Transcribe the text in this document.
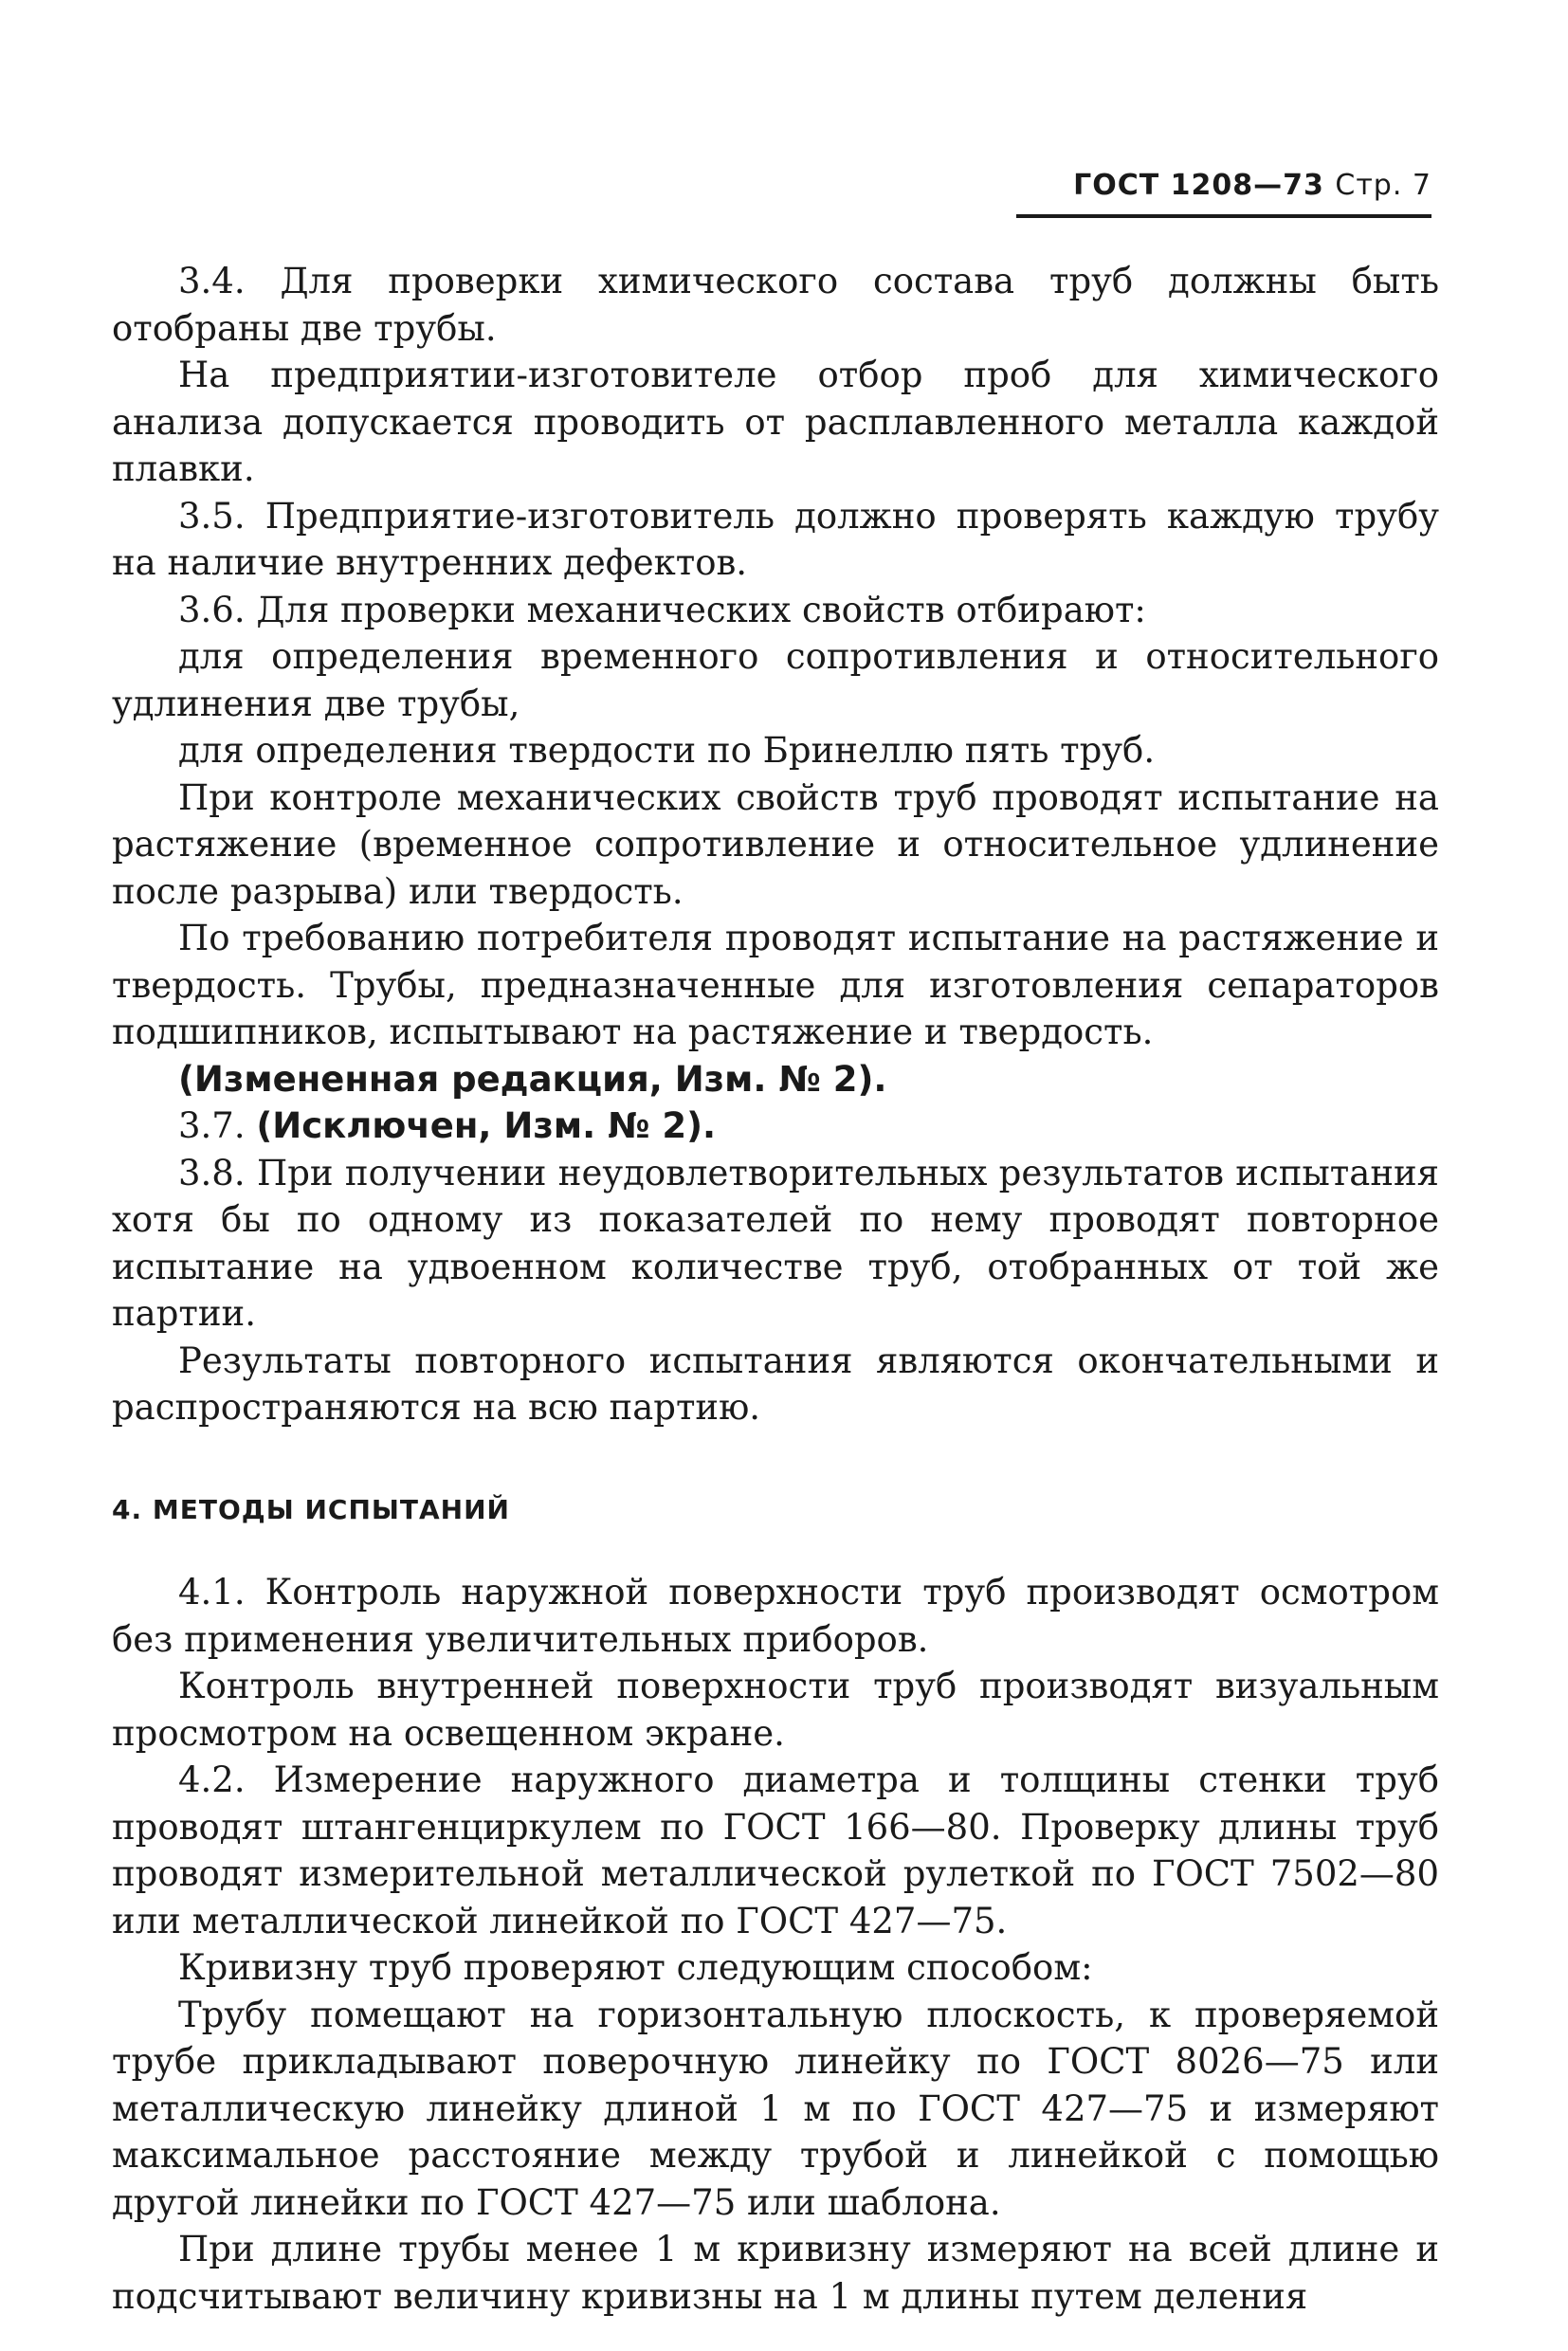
ГОСТ 1208—73 Стр. 7

3.4. Для проверки химического состава труб должны быть отобраны две трубы.

На предприятии-изготовителе отбор проб для химического анализа допускается проводить от расплавленного металла каждой плавки.

3.5. Предприятие-изготовитель должно проверять каждую трубу на наличие внутренних дефектов.

3.6. Для проверки механических свойств отбирают:

для определения временного сопротивления и относительного удлинения две трубы,

для определения твердости по Бринеллю пять труб.

При контроле механических свойств труб проводят испытание на растяжение (временное сопротивление и относительное удлинение после разрыва) или твердость.

По требованию потребителя проводят испытание на растяжение и твердость. Трубы, предназначенные для изготовления сепараторов подшипников, испытывают на растяжение и твердость.

(Измененная редакция, Изм. № 2).

3.7. (Исключен, Изм. № 2).

3.8. При получении неудовлетворительных результатов испытания хотя бы по одному из показателей по нему проводят повторное испытание на удвоенном количестве труб, отобранных от той же партии.

Результаты повторного испытания являются окончательными и распространяются на всю партию.

4. МЕТОДЫ ИСПЫТАНИЙ

4.1. Контроль наружной поверхности труб производят осмотром без применения увеличительных приборов.

Контроль внутренней поверхности труб производят визуальным просмотром на освещенном экране.

4.2. Измерение наружного диаметра и толщины стенки труб проводят штангенциркулем по ГОСТ 166—80. Проверку длины труб проводят измерительной металлической рулеткой по ГОСТ 7502—80 или металлической линейкой по ГОСТ 427—75.

Кривизну труб проверяют следующим способом:

Трубу помещают на горизонтальную плоскость, к проверяемой трубе прикладывают поверочную линейку по ГОСТ 8026—75 или металлическую линейку длиной 1 м по ГОСТ 427—75 и измеряют максимальное расстояние между трубой и линейкой с помощью другой линейки по ГОСТ 427—75 или шаблона.

При длине трубы менее 1 м кривизну измеряют на всей длине и подсчитывают величину кривизны на 1 м длины путем деления
